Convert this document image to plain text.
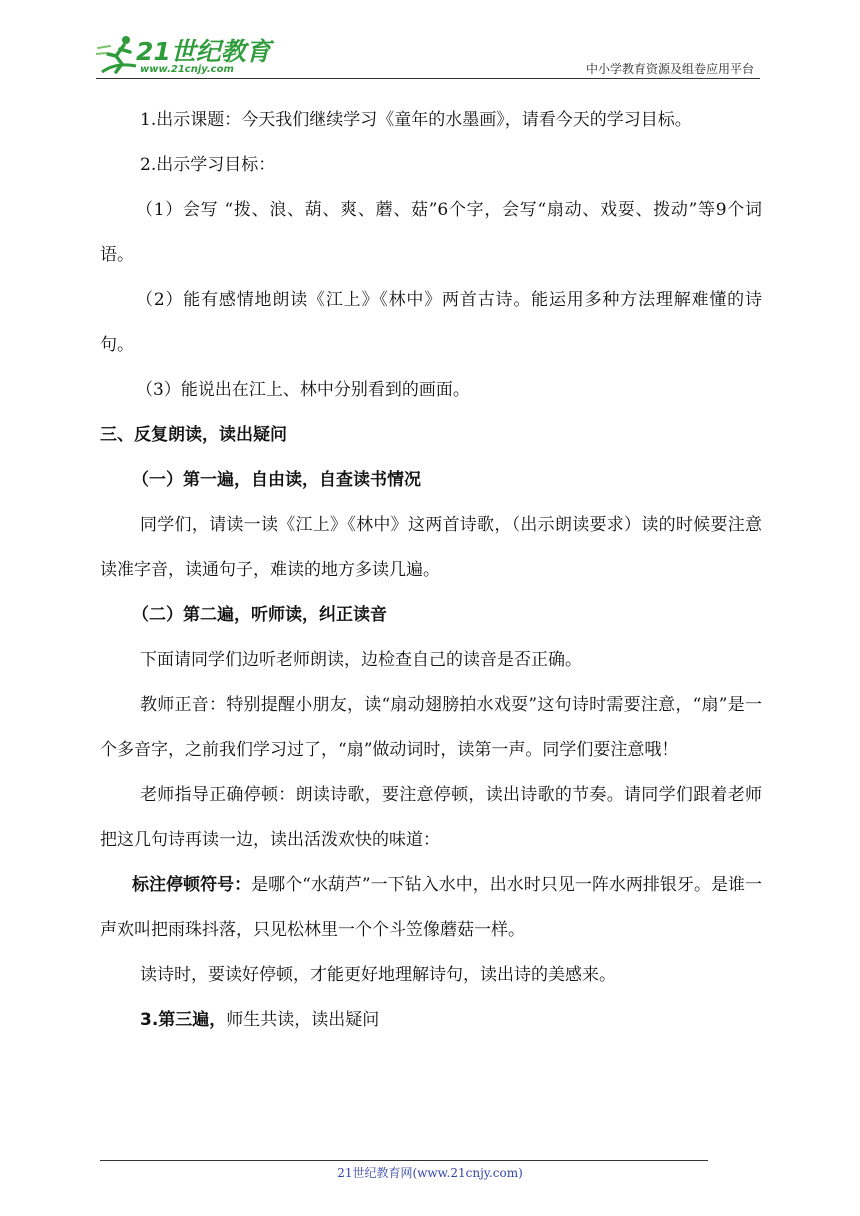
21世纪教育
www.21cnjy.com	中小学教育资源及组卷应用平台

1.出示课题：今天我们继续学习《童年的水墨画》，请看今天的学习目标。

2.出示学习目标：

（1）会写 “拨、浪、葫、爽、蘑、菇”6个字，会写“扇动、戏耍、拨动”等9个词语。

（2）能有感情地朗读《江上》《林中》两首古诗。能运用多种方法理解难懂的诗句。

（3）能说出在江上、林中分别看到的画面。

三、反复朗读，读出疑问

（一）第一遍，自由读，自查读书情况

同学们，请读一读《江上》《林中》这两首诗歌，（出示朗读要求）读的时候要注意读准字音，读通句子，难读的地方多读几遍。

（二）第二遍，听师读，纠正读音

下面请同学们边听老师朗读，边检查自己的读音是否正确。

教师正音：特别提醒小朋友，读“扇动翅膀拍水戏耍”这句诗时需要注意，“扇”是一个多音字，之前我们学习过了，“扇”做动词时，读第一声。同学们要注意哦！

老师指导正确停顿：朗读诗歌，要注意停顿，读出诗歌的节奏。请同学们跟着老师把这几句诗再读一边，读出活泼欢快的味道：

标注停顿符号：是哪个“水葫芦”一下钻入水中，出水时只见一阵水两排银牙。是谁一声欢叫把雨珠抖落，只见松林里一个个斗笠像蘑菇一样。

读诗时，要读好停顿，才能更好地理解诗句，读出诗的美感来。

3.第三遍，师生共读，读出疑问

21世纪教育网(www.21cnjy.com)
